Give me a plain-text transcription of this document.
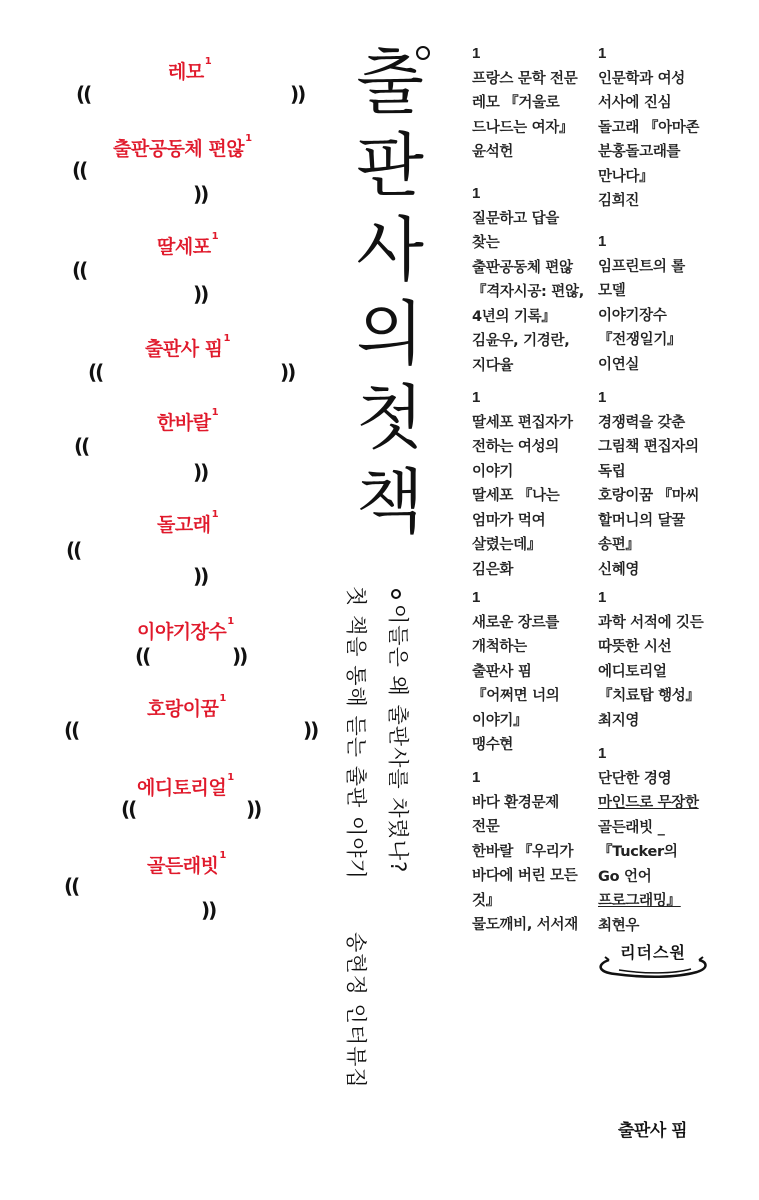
레모$^1$
((	))
출판공동체 편않$^1$
((
))
딸세포$^1$
((
))
출판사 핌$^1$
((	))
한바랄$^1$
((
))
돌고래$^1$
((
))
이야기장수$^1$
((	))
호랑이꿈$^1$
((	))
에디토리얼$^1$
((	))
골든래빗$^1$
((
))
출
판
사
의
첫
책
이들은 왜 출판사를 차렸나?
첫 책을 통해 듣는 출판 이야기
송현정 인터뷰집
1
프랑스 문학 전문
레모 『거울로
드나드는 여자』
윤석헌
1
질문하고 답을
찾는
출판공동체 편않
『격자시공: 편않,
4년의 기록』
김윤우, 기경란,
지다율
1
딸세포 편집자가
전하는 여성의
이야기
딸세포 『나는
엄마가 먹여
살렸는데』
김은화
1
새로운 장르를
개척하는
출판사 핌
『어쩌면 너의
이야기』
맹수현
1
바다 환경문제
전문
한바랄 『우리가
바다에 버린 모든
것』
물도깨비, 서서재
1
인문학과 여성
서사에 진심
돌고래 『아마존
분홍돌고래를
만나다』
김희진
1
임프린트의 롤
모델
이야기장수
『전쟁일기』
이연실
1
경쟁력을 갖춘
그림책 편집자의
독립
호랑이꿈 『마씨
할머니의 달꿀
송편』
신혜영
1
과학 서적에 깃든
따뜻한 시선
에디토리얼
『치료탑 행성』
최지영
1
단단한 경영
마인드로 무장한
골든래빗 _
『Tucker의
Go 언어
프로그래밍』
최현우
리더스원
출판사 핌
